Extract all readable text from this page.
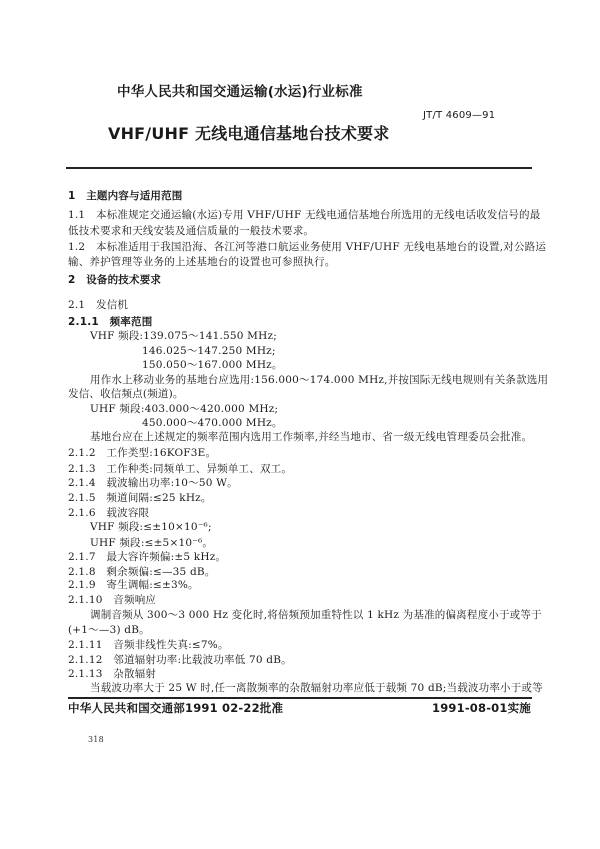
中华人民共和国交通运输(水运)行业标准
JT/T 4609—91
VHF/UHF 无线电通信基地台技术要求
1　主题内容与适用范围
1.1　本标准规定交通运输(水运)专用 VHF/UHF 无线电通信基地台所选用的无线电话收发信号的最
低技术要求和天线安装及通信质量的一般技术要求。
1.2　本标准适用于我国沿海、各江河等港口航运业务使用 VHF/UHF 无线电基地台的设置,对公路运
输、养护管理等业务的上述基地台的设置也可参照执行。
2　设备的技术要求
2.1　发信机
2.1.1　频率范围
VHF 频段:139.075～141.550 MHz;
146.025～147.250 MHz;
150.050～167.000 MHz。
用作水上移动业务的基地台应选用:156.000～174.000 MHz,并按国际无线电规则有关条款选用
发信、收信频点(频道)。
UHF 频段:403.000～420.000 MHz;
450.000～470.000 MHz。
基地台应在上述规定的频率范围内选用工作频率,并经当地市、省一级无线电管理委员会批准。
2.1.2　工作类型:16KOF3E。
2.1.3　工作种类:同频单工、异频单工、双工。
2.1.4　载波输出功率:10～50 W。
2.1.5　频道间隔:≤25 kHz。
2.1.6　载波容限
VHF 频段:≤±10×10⁻⁶;
UHF 频段:≤±5×10⁻⁶。
2.1.7　最大容许频偏:±5 kHz。
2.1.8　剩余频偏:≤—35 dB。
2.1.9　寄生调幅:≤±3%。
2.1.10　音频响应
调制音频从 300～3 000 Hz 变化时,将倍频预加重特性以 1 kHz 为基准的偏离程度小于或等于
(+1～—3) dB。
2.1.11　音频非线性失真:≤7%。
2.1.12　邻道辐射功率:比载波功率低 70 dB。
2.1.13　杂散辐射
当载波功率大于 25 W 时,任一离散频率的杂散辐射功率应低于载频 70 dB;当载波功率小于或等
中华人民共和国交通部1991 02-22批准	1991-08-01实施
318
